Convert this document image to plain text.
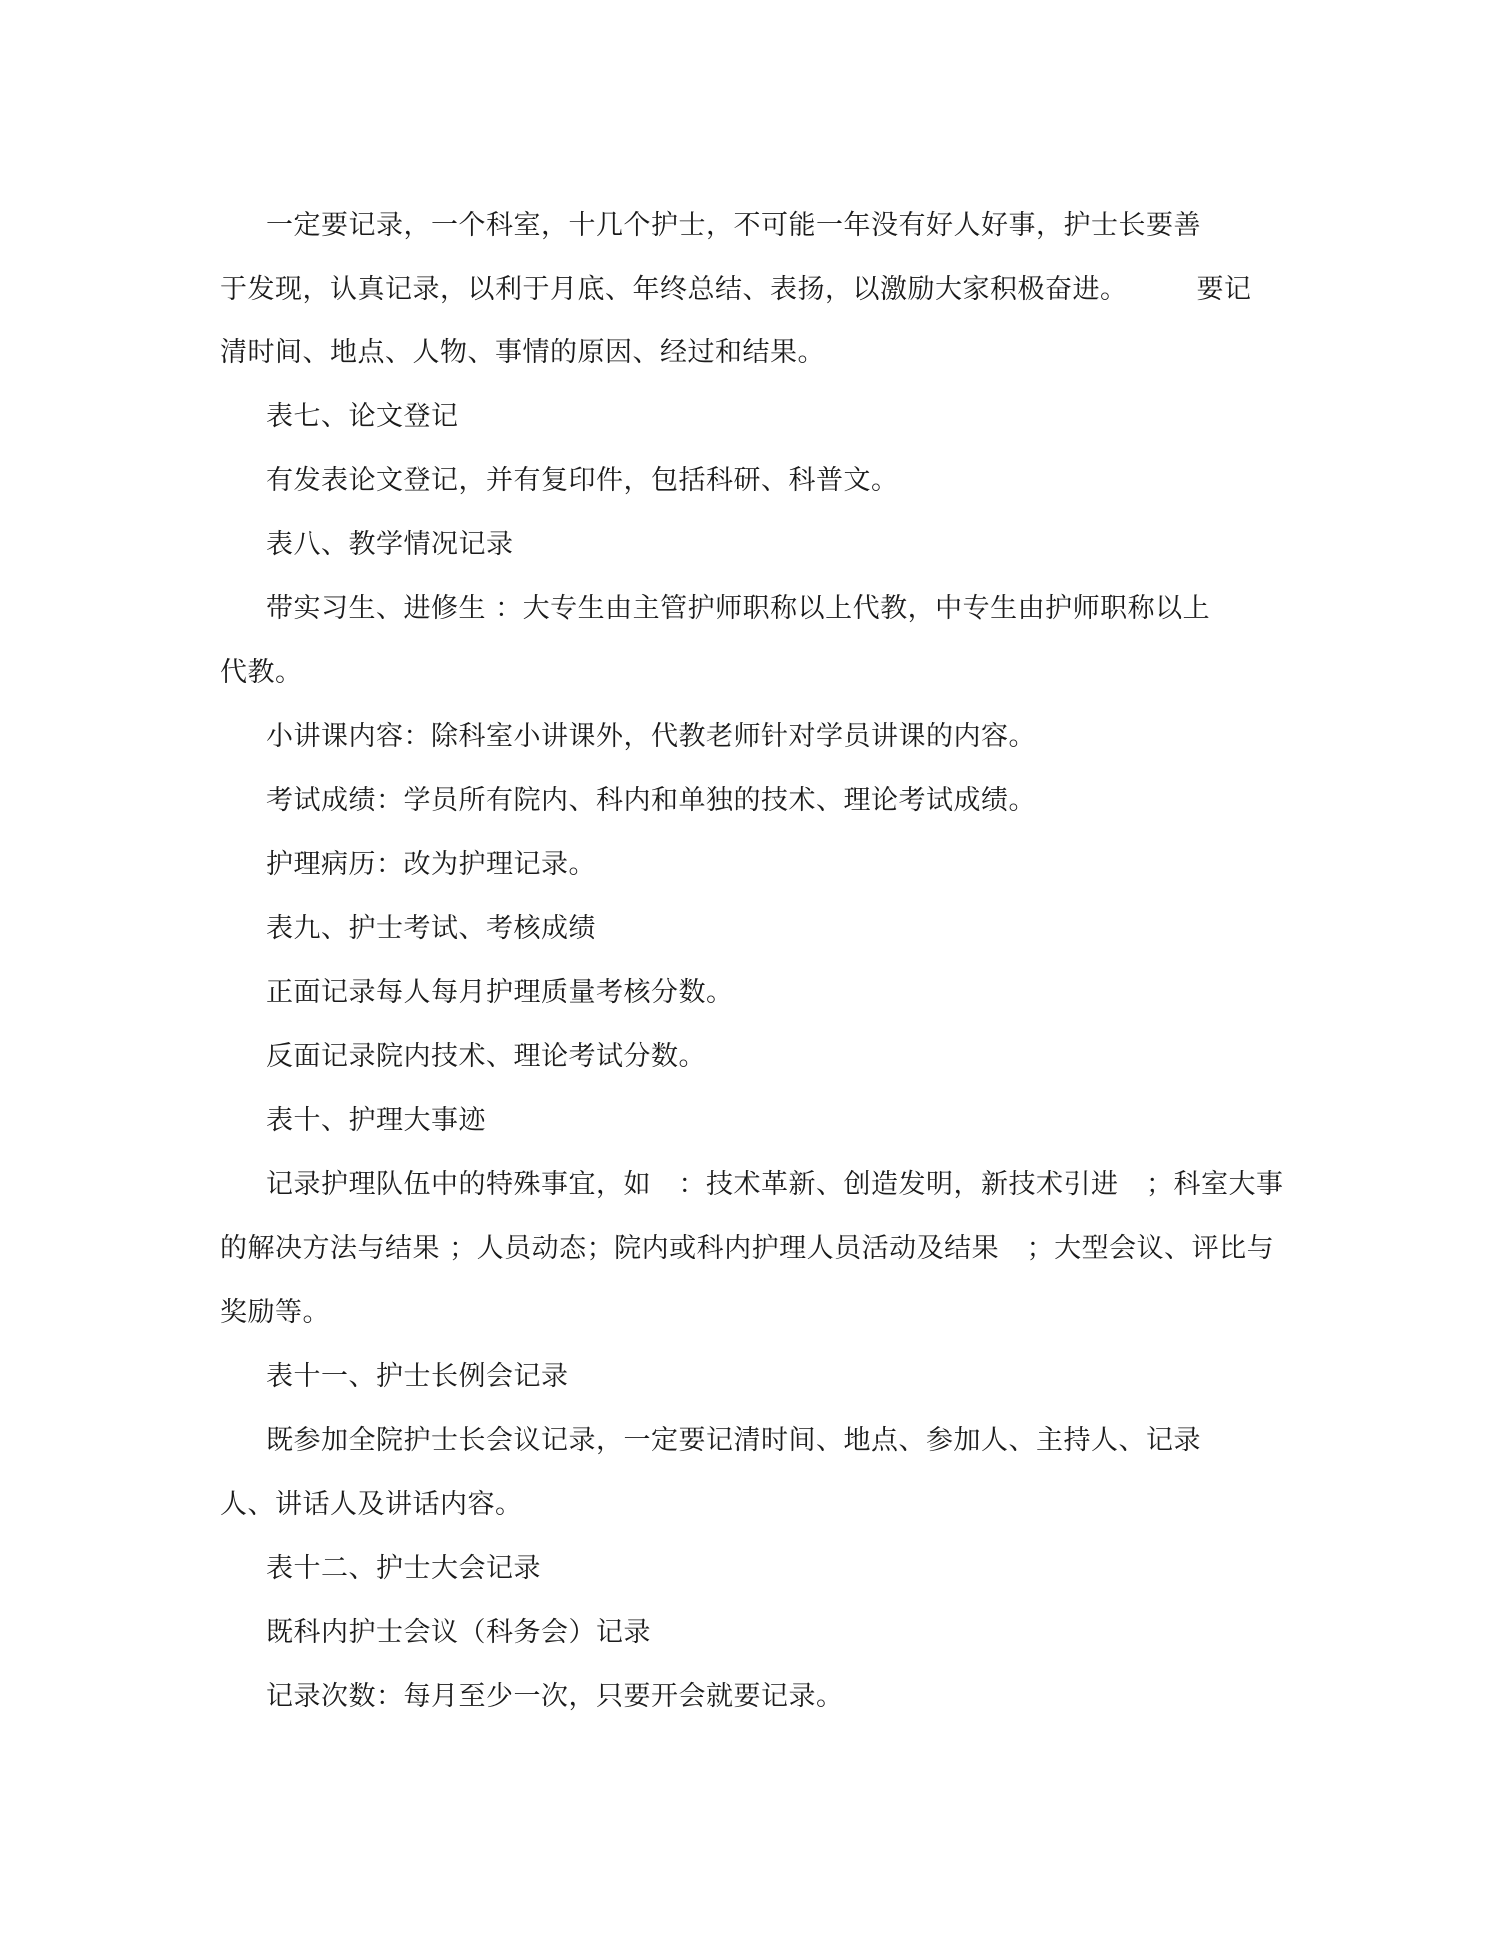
一定要记录，一个科室，十几个护士，不可能一年没有好人好事，护士长要善
于发现，认真记录，以利于月底、年终总结、表扬，以激励大家积极奋进。　　　要记
清时间、地点、人物、事情的原因、经过和结果。
表七、论文登记
有发表论文登记，并有复印件，包括科研、科普文。
表八、教学情况记录
带实习生、进修生 ：大专生由主管护师职称以上代教，中专生由护师职称以上
代教。
小讲课内容：除科室小讲课外，代教老师针对学员讲课的内容。
考试成绩：学员所有院内、科内和单独的技术、理论考试成绩。
护理病历：改为护理记录。
表九、护士考试、考核成绩
正面记录每人每月护理质量考核分数。
反面记录院内技术、理论考试分数。
表十、护理大事迹
记录护理队伍中的特殊事宜，如　：技术革新、创造发明，新技术引进　；科室大事
的解决方法与结果 ；人员动态；院内或科内护理人员活动及结果　；大型会议、评比与
奖励等。
表十一、护士长例会记录
既参加全院护士长会议记录，一定要记清时间、地点、参加人、主持人、记录
人、讲话人及讲话内容。
表十二、护士大会记录
既科内护士会议（科务会）记录
记录次数：每月至少一次，只要开会就要记录。
